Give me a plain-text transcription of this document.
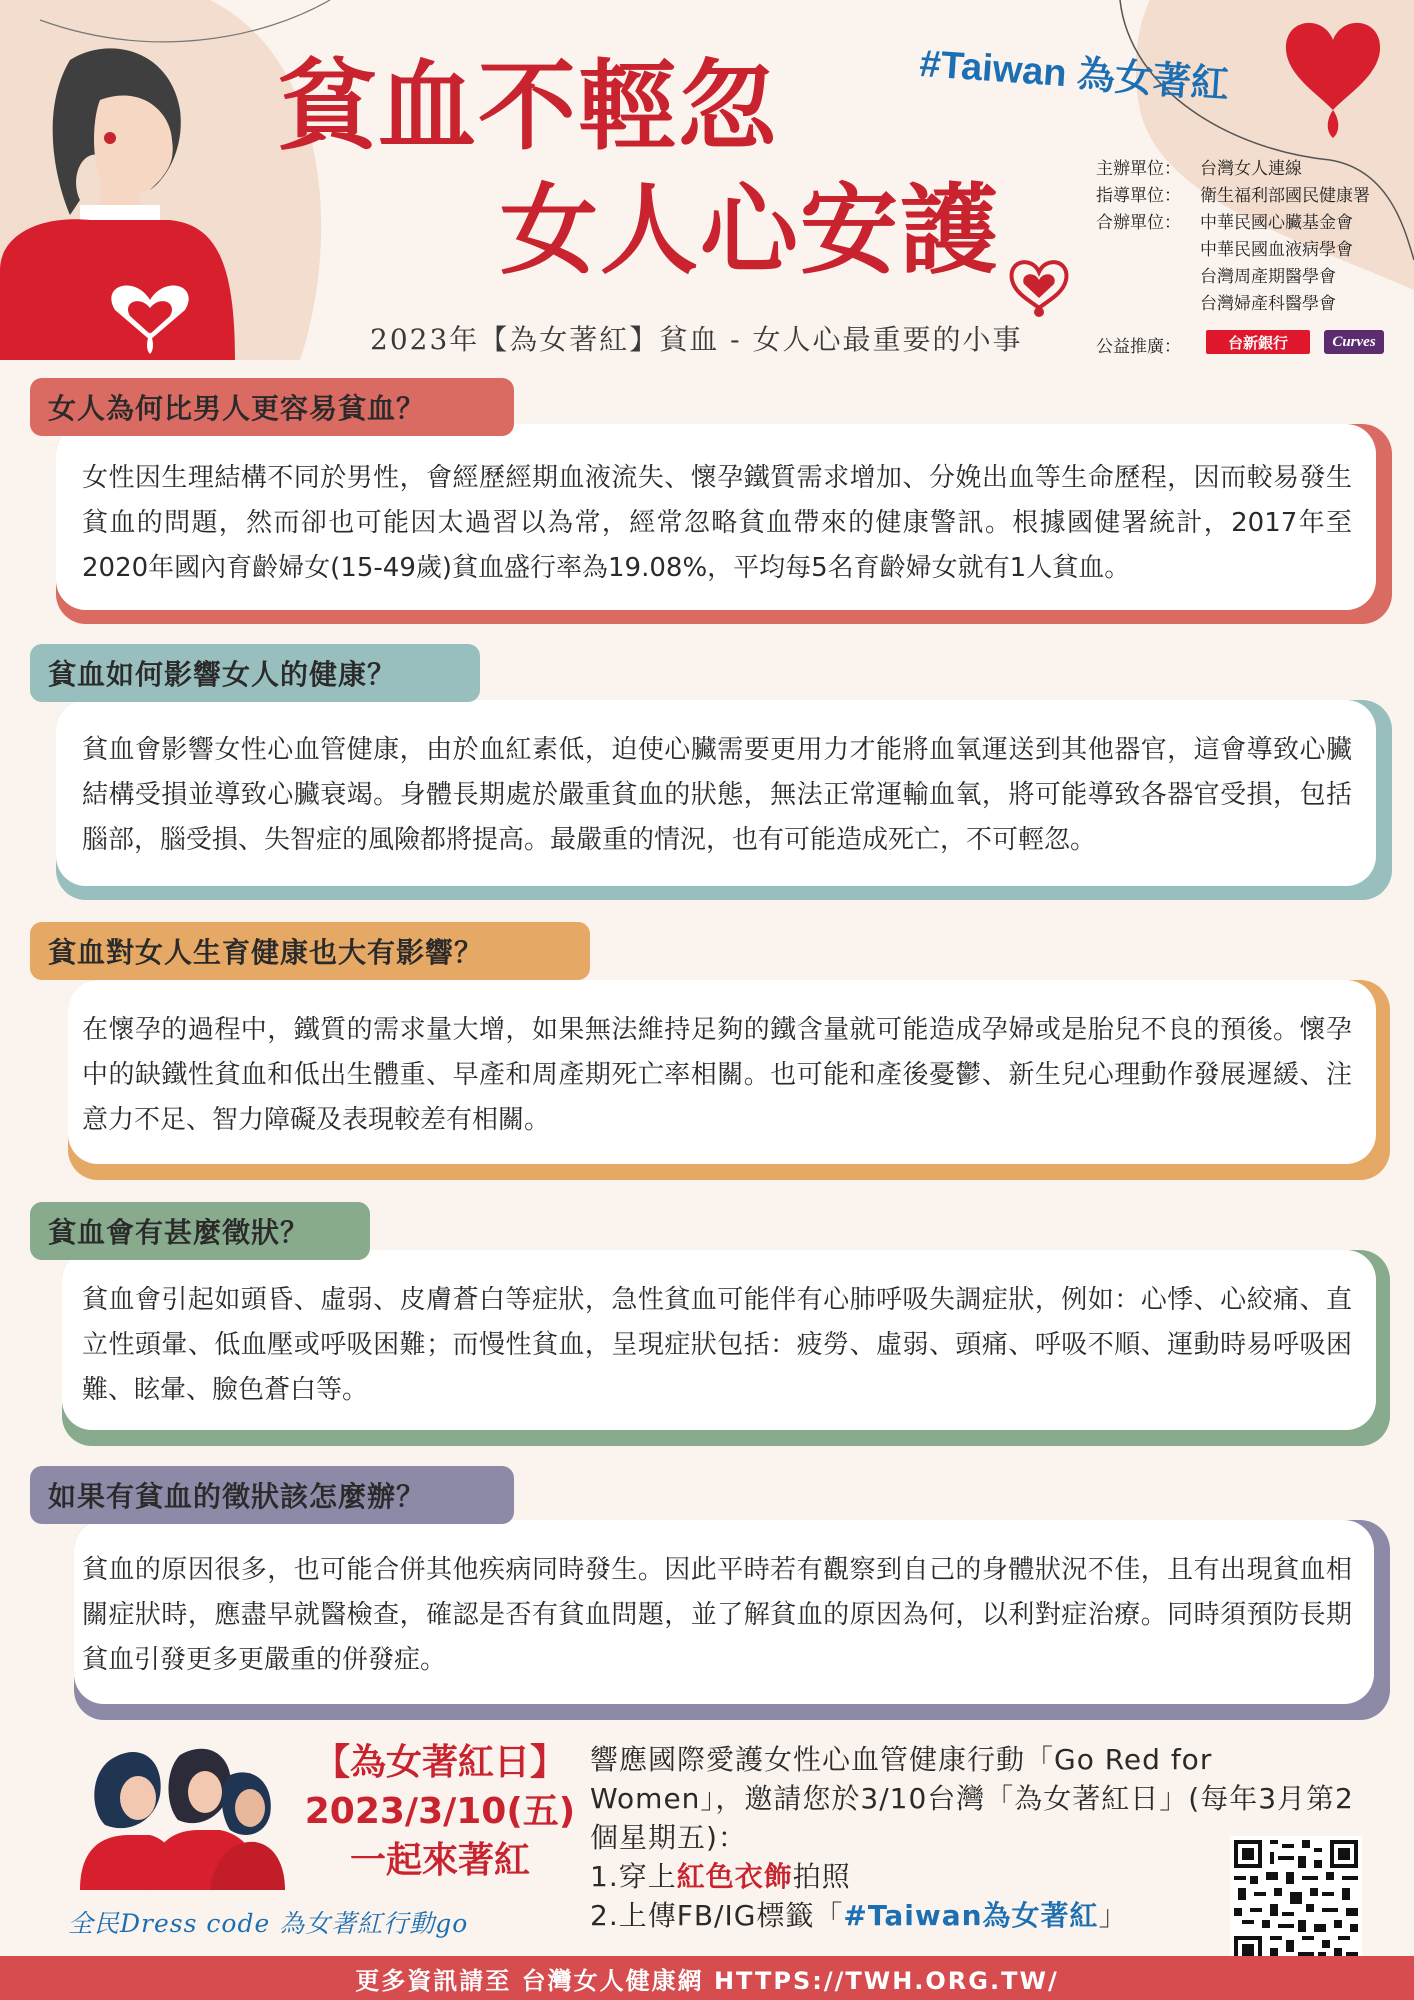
貧血不輕忽
女人心安護
2023年【為女著紅】貧血 - 女人心最重要的小事
#Taiwan 為女著紅
主辦單位：	台灣女人連線
指導單位：	衛生福利部國民健康署
合辦單位：	中華民國心臟基金會
中華民國血液病學會
台灣周產期醫學會
台灣婦產科醫學會
公益推廣：	台新銀行	Curves
女性因生理結構不同於男性，會經歷經期血液流失、懷孕鐵質需求增加、分娩出血等生命歷程，因而較易發生貧血的問題，然而卻也可能因太過習以為常，經常忽略貧血帶來的健康警訊。根據國健署統計，2017年至2020年國內育齡婦女(15-49歲)貧血盛行率為19.08%，平均每5名育齡婦女就有1人貧血。
女人為何比男人更容易貧血？
貧血會影響女性心血管健康，由於血紅素低，迫使心臟需要更用力才能將血氧運送到其他器官，這會導致心臟結構受損並導致心臟衰竭。身體長期處於嚴重貧血的狀態，無法正常運輸血氧，將可能導致各器官受損，包括腦部，腦受損、失智症的風險都將提高。最嚴重的情況，也有可能造成死亡，不可輕忽。
貧血如何影響女人的健康？
在懷孕的過程中，鐵質的需求量大增，如果無法維持足夠的鐵含量就可能造成孕婦或是胎兒不良的預後。懷孕中的缺鐵性貧血和低出生體重、早產和周產期死亡率相關。也可能和產後憂鬱、新生兒心理動作發展遲緩、注意力不足、智力障礙及表現較差有相關。
貧血對女人生育健康也大有影響？
貧血會引起如頭昏、虛弱、皮膚蒼白等症狀，急性貧血可能伴有心肺呼吸失調症狀，例如：心悸、心絞痛、直立性頭暈、低血壓或呼吸困難；而慢性貧血，呈現症狀包括：疲勞、虛弱、頭痛、呼吸不順、運動時易呼吸困難、眩暈、臉色蒼白等。
貧血會有甚麼徵狀？
貧血的原因很多，也可能合併其他疾病同時發生。因此平時若有觀察到自己的身體狀況不佳，且有出現貧血相關症狀時，應盡早就醫檢查，確認是否有貧血問題，並了解貧血的原因為何，以利對症治療。同時須預防長期貧血引發更多更嚴重的併發症。
如果有貧血的徵狀該怎麼辦？
【為女著紅日】
2023/3/10(五)
一起來著紅
響應國際愛護女性心血管健康行動「Go Red for Women」，邀請您於3/10台灣「為女著紅日」(每年3月第2個星期五)：
1.穿上紅色衣飾拍照
2.上傳FB/IG標籤「#Taiwan為女著紅」
全民Dress code 為女著紅行動go
更多資訊請至 台灣女人健康網 HTTPS://TWH.ORG.TW/
